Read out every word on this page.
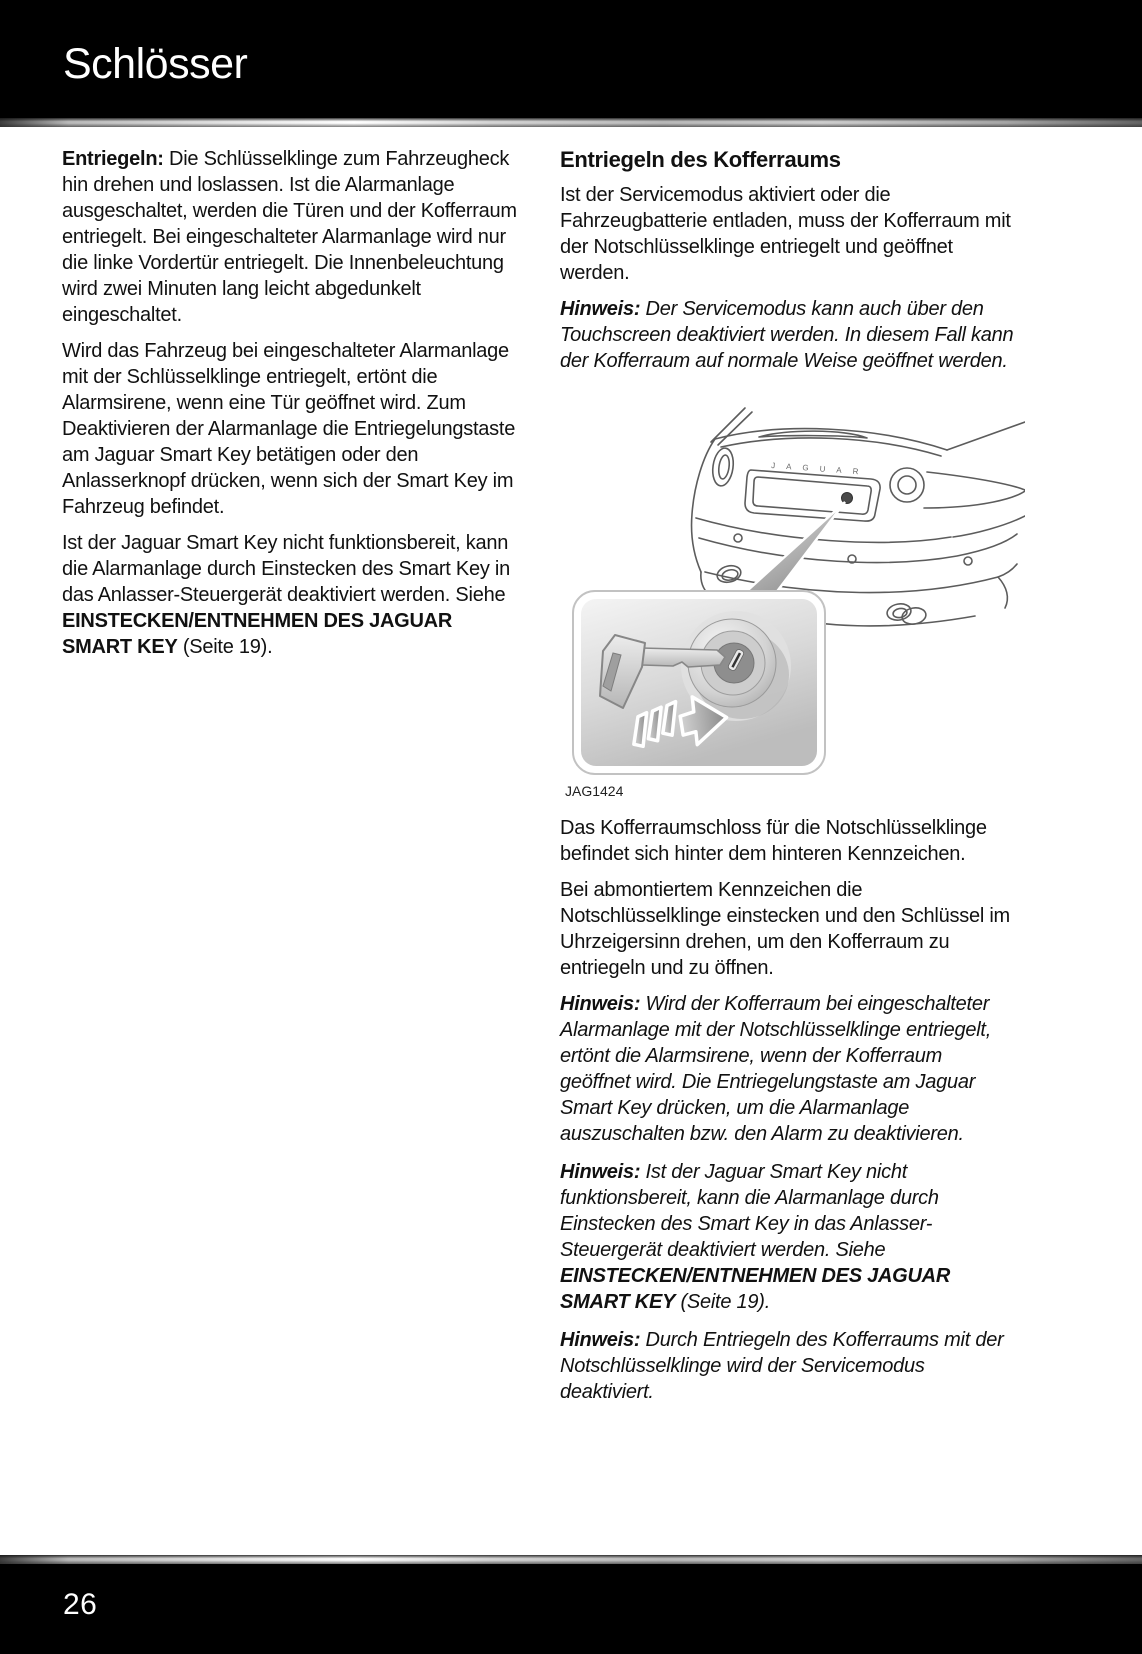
Schlösser

Entriegeln: Die Schlüsselklinge zum Fahrzeugheck hin drehen und loslassen. Ist die Alarmanlage ausgeschaltet, werden die Türen und der Kofferraum entriegelt. Bei eingeschalteter Alarmanlage wird nur die linke Vordertür entriegelt. Die Innenbeleuchtung wird zwei Minuten lang leicht abgedunkelt eingeschaltet.

Wird das Fahrzeug bei eingeschalteter Alarmanlage mit der Schlüsselklinge entriegelt, ertönt die Alarmsirene, wenn eine Tür geöffnet wird. Zum Deaktivieren der Alarmanlage die Entriegelungstaste am Jaguar Smart Key betätigen oder den Anlasserknopf drücken, wenn sich der Smart Key im Fahrzeug befindet.

Ist der Jaguar Smart Key nicht funktionsbereit, kann die Alarmanlage durch Einstecken des Smart Key in das Anlasser-Steuergerät deaktiviert werden. Siehe EINSTECKEN/ENTNEHMEN DES JAGUAR SMART KEY (Seite 19).

Entriegeln des Kofferraums

Ist der Servicemodus aktiviert oder die Fahrzeugbatterie entladen, muss der Kofferraum mit der Notschlüsselklinge entriegelt und geöffnet werden.

Hinweis: Der Servicemodus kann auch über den Touchscreen deaktiviert werden. In diesem Fall kann der Kofferraum auf normale Weise geöffnet werden.

JAGUAR
JAG1424

Das Kofferraumschloss für die Notschlüsselklinge befindet sich hinter dem hinteren Kennzeichen.

Bei abmontiertem Kennzeichen die Notschlüsselklinge einstecken und den Schlüssel im Uhrzeigersinn drehen, um den Kofferraum zu entriegeln und zu öffnen.

Hinweis: Wird der Kofferraum bei eingeschalteter Alarmanlage mit der Notschlüsselklinge entriegelt, ertönt die Alarmsirene, wenn der Kofferraum geöffnet wird. Die Entriegelungstaste am Jaguar Smart Key drücken, um die Alarmanlage auszuschalten bzw. den Alarm zu deaktivieren.

Hinweis: Ist der Jaguar Smart Key nicht funktionsbereit, kann die Alarmanlage durch Einstecken des Smart Key in das Anlasser-Steuergerät deaktiviert werden. Siehe EINSTECKEN/ENTNEHMEN DES JAGUAR SMART KEY (Seite 19).

Hinweis: Durch Entriegeln des Kofferraums mit der Notschlüsselklinge wird der Servicemodus deaktiviert.

26
